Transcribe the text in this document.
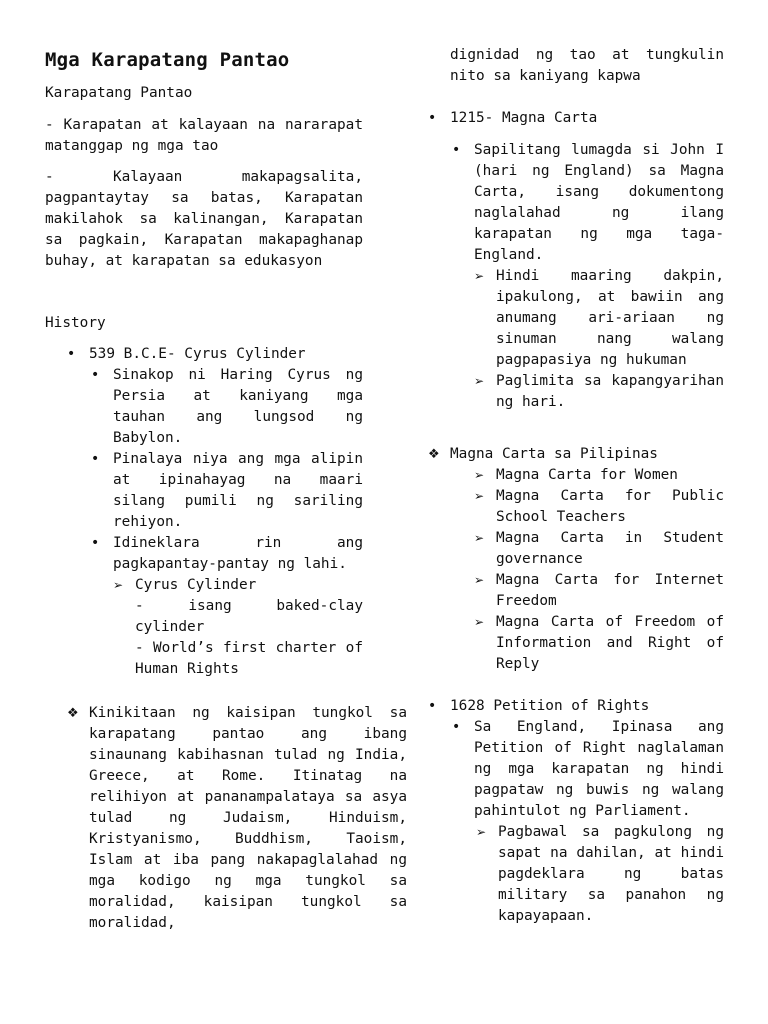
Mga Karapatang Pantao

Karapatang Pantao

- Karapatan at kalayaan na nararapat matanggap ng mga tao

- Kalayaan makapagsalita, pagpantaytay sa batas, Karapatan makilahok sa kalinangan, Karapatan sa pagkain, Karapatan makapaghanap buhay, at karapatan sa edukasyon

History

• 539 B.C.E- Cyrus Cylinder
• Sinakop ni Haring Cyrus ng Persia at kaniyang mga tauhan ang lungsod ng Babylon.
• Pinalaya niya ang mga alipin at ipinahayag na maari silang pumili ng sariling rehiyon.
• Idineklara rin ang pagkapantay-pantay ng lahi.
➢ Cyrus Cylinder
- isang baked-clay cylinder
- World’s first charter of Human Rights
❖ Kinikitaan ng kaisipan tungkol sa karapatang pantao ang ibang sinaunang kabihasnan tulad ng India, Greece, at Rome. Itinatag na relihiyon at pananampalataya sa asya tulad ng Judaism, Hinduism, Kristyanismo, Buddhism, Taoism, Islam at iba pang nakapaglalahad ng mga kodigo ng mga tungkol sa moralidad, kaisipan tungkol sa moralidad,

dignidad ng tao at tungkulin nito sa kaniyang kapwa

• 1215- Magna Carta
• Sapilitang lumagda si John I (hari ng England) sa Magna Carta, isang dokumentong naglalahad ng ilang karapatan ng mga taga-England.
➢ Hindi maaring dakpin, ipakulong, at bawiin ang anumang ari-ariaan ng sinuman nang walang pagpapasiya ng hukuman
➢ Paglimita sa kapangyarihan ng hari.
❖ Magna Carta sa Pilipinas
➢ Magna Carta for Women
➢ Magna Carta for Public School Teachers
➢ Magna Carta in Student governance
➢ Magna Carta for Internet Freedom
➢ Magna Carta of Freedom of Information and Right of Reply
• 1628 Petition of Rights
• Sa England, Ipinasa ang Petition of Right naglalaman ng mga karapatan ng hindi pagpataw ng buwis ng walang pahintulot ng Parliament.
➢ Pagbawal sa pagkulong ng sapat na dahilan, at hindi pagdeklara ng batas military sa panahon ng kapayapaan.
